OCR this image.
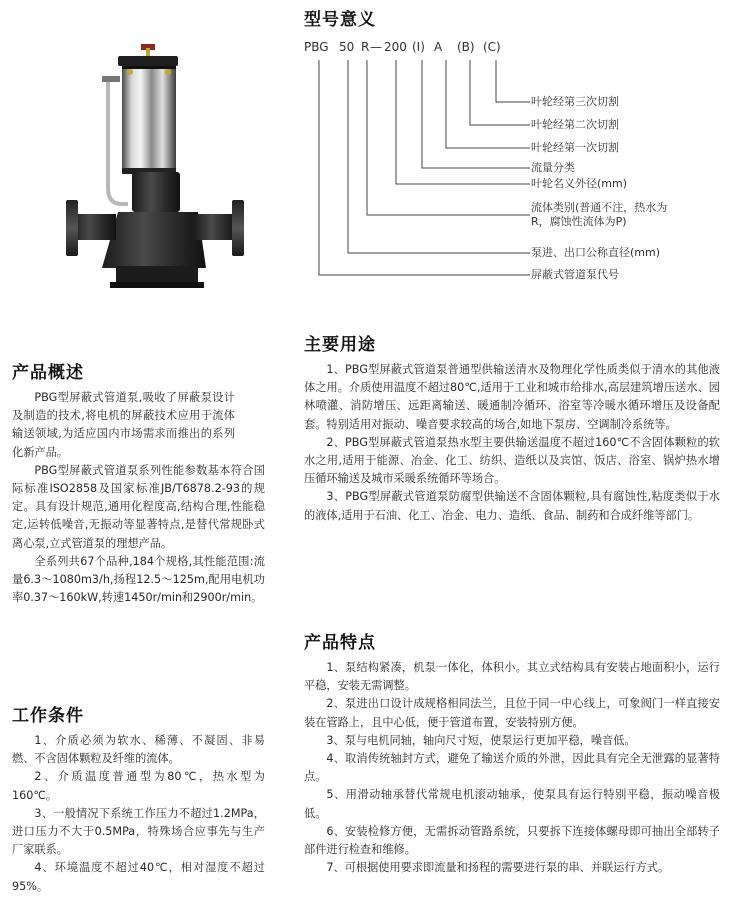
型号意义
PBG 50 R — 200 (I) A (B) (C)
叶轮经第三次切割
叶轮经第二次切割
叶轮经第一次切割
流量分类
叶轮名义外径(mm)
流体类别(普通不注，热水为R，腐蚀性流体为P)
泵进、出口公称直径(mm)
屏蔽式管道泵代号
产品概述

PBG型屏蔽式管道泵,吸收了屏蔽泵设计及制造的技术,将电机的屏蔽技术应用于流体输送领域,为适应国内市场需求而推出的系列化新产品。

PBG型屏蔽式管道泵系列性能参数基本符合国际标准ISO2858及国家标准JB/T6878.2-93的规定。具有设计规范,通用化程度高,结构合理,性能稳定,运转低噪音,无振动等显著特点,是替代常规卧式离心泵,立式管道泵的理想产品。

全系列共67个品种,184个规格,其性能范围:流量6.3～1080m3/h,扬程12.5～125m,配用电机功率0.37～160kW,转速1450r/min和2900r/min。

工作条件

1、介质必须为软水、稀薄、不凝固、非易燃、不含固体颗粒及纤维的流体。

2、介质温度普通型为80℃，热水型为160℃。

3、一般情况下系统工作压力不超过1.2MPa，进口压力不大于0.5MPa，特殊场合应事先与生产厂家联系。

4、环境温度不超过40℃，相对湿度不超过95%。

主要用途

1、PBG型屏蔽式管道泵普通型供输送清水及物理化学性质类似于清水的其他液体之用。介质使用温度不超过80℃,适用于工业和城市给排水,高层建筑增压送水、园林喷灌、消防增压、远距离输送、暖通制冷循环、浴室等冷暖水循环增压及设备配套。特别适用对振动、噪音要求较高的场合,如地下泵房、空调制冷系统等。

2、PBG型屏蔽式管道泵热水型主要供输送温度不超过160℃不含固体颗粒的软水之用,适用于能源、冶金、化工、纺织、造纸以及宾馆、饭店、浴室、锅炉热水增压循环输送及城市采暖系统循环等场合。

3、PBG型屏蔽式管道泵防腐型供输送不含固体颗粒,具有腐蚀性,粘度类似于水的液体,适用于石油、化工、冶金、电力、造纸、食品、制药和合成纤维等部门。

产品特点

1、泵结构紧凑，机泵一体化，体积小。其立式结构具有安装占地面积小，运行平稳，安装无需调整。

2、泵进出口设计成规格相同法兰，且位于同一中心线上，可象阀门一样直接安装在管路上，且中心低，便于管道布置，安装特别方便。

3、泵与电机同轴，轴向尺寸短，使泵运行更加平稳，噪音低。

4、取消传统轴封方式，避免了输送介质的外泄，因此具有完全无泄露的显著特点。

5、用滑动轴承替代常规电机滚动轴承，使泵具有运行特别平稳，振动噪音极低。

6、安装检修方便，无需拆动管路系统，只要拆下连接体螺母即可抽出全部转子部件进行检查和维修。

7、可根据使用要求即流量和扬程的需要进行泵的串、并联运行方式。
